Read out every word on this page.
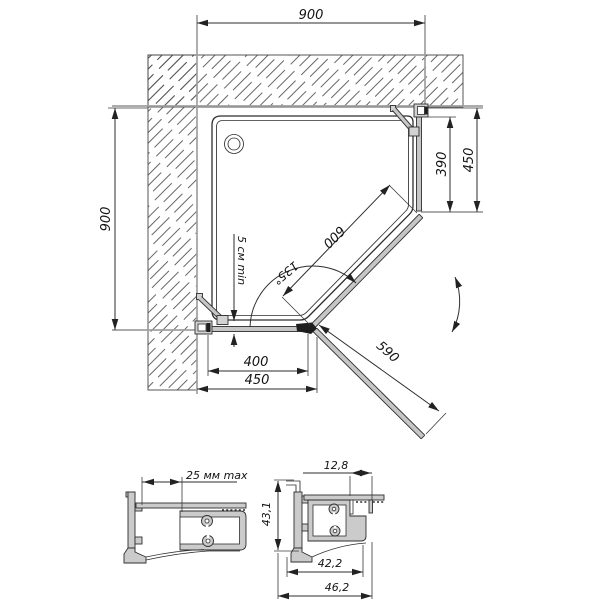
900
900
450
390
600
590
135°
5 см min
400
450
25 мм max
12,8
43,1
42,2
46,2
